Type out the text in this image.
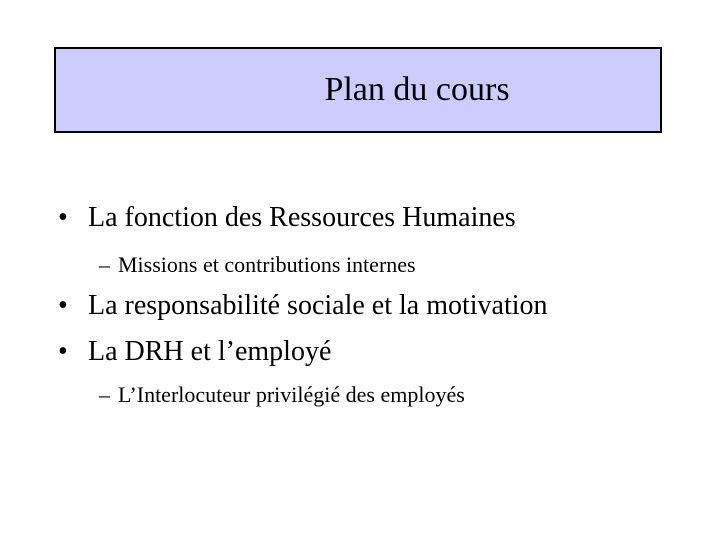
Plan du cours
• La fonction des Ressources Humaines
– Missions et contributions internes
• La responsabilité sociale et la motivation
• La DRH et l’employé
– L’Interlocuteur privilégié des employés
